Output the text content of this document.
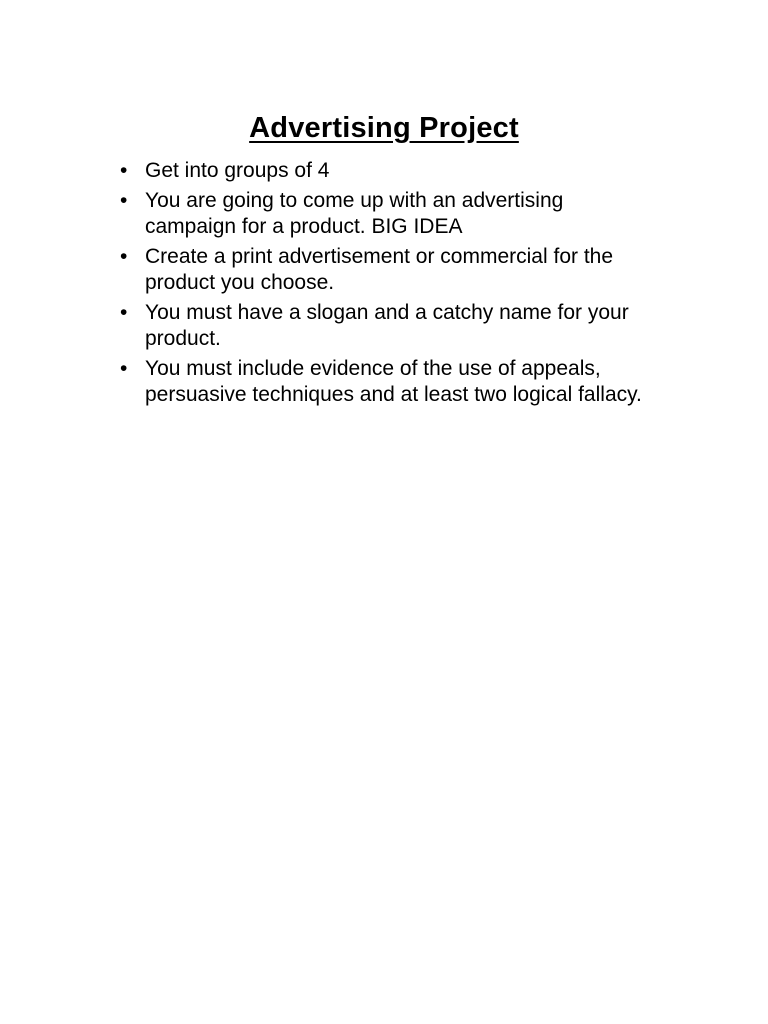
Advertising Project
• Get into groups of 4
• You are going to come up with an advertising campaign for a product. BIG IDEA
• Create a print advertisement or commercial for the product you choose.
• You must have a slogan and a catchy name for your product.
• You must include evidence of the use of appeals, persuasive techniques and at least two logical fallacy.
